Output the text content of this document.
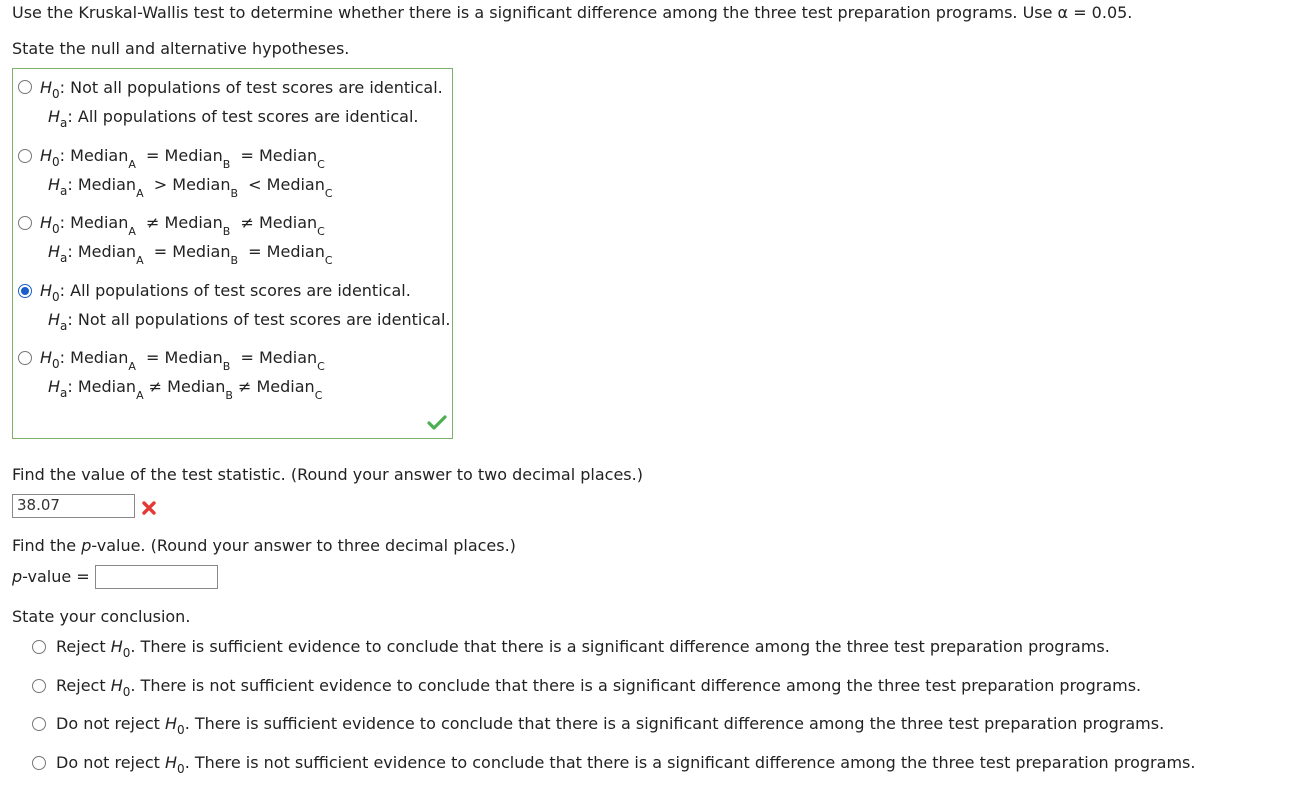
Use the Kruskal-Wallis test to determine whether there is a significant difference among the three test preparation programs. Use α = 0.05.
State the null and alternative hypotheses.
$H_0$: Not all populations of test scores are identical.
$H_a$: All populations of test scores are identical.
$H_0$: Median$_A$  = Median$_B$  = Median$_C$
$H_a$: Median$_A$  > Median$_B$  < Median$_C$
$H_0$: Median$_A$  ≠ Median$_B$  ≠ Median$_C$
$H_a$: Median$_A$  = Median$_B$  = Median$_C$
$H_0$: All populations of test scores are identical.
$H_a$: Not all populations of test scores are identical.
$H_0$: Median$_A$  = Median$_B$  = Median$_C$
$H_a$: Median$_A$ ≠ Median$_B$ ≠ Median$_C$
Find the value of the test statistic. (Round your answer to two decimal places.)
38.07
Find the p-value. (Round your answer to three decimal places.)
p-value =
State your conclusion.
Reject $H_0$. There is sufficient evidence to conclude that there is a significant difference among the three test preparation programs.
Reject $H_0$. There is not sufficient evidence to conclude that there is a significant difference among the three test preparation programs.
Do not reject $H_0$. There is sufficient evidence to conclude that there is a significant difference among the three test preparation programs.
Do not reject $H_0$. There is not sufficient evidence to conclude that there is a significant difference among the three test preparation programs.
